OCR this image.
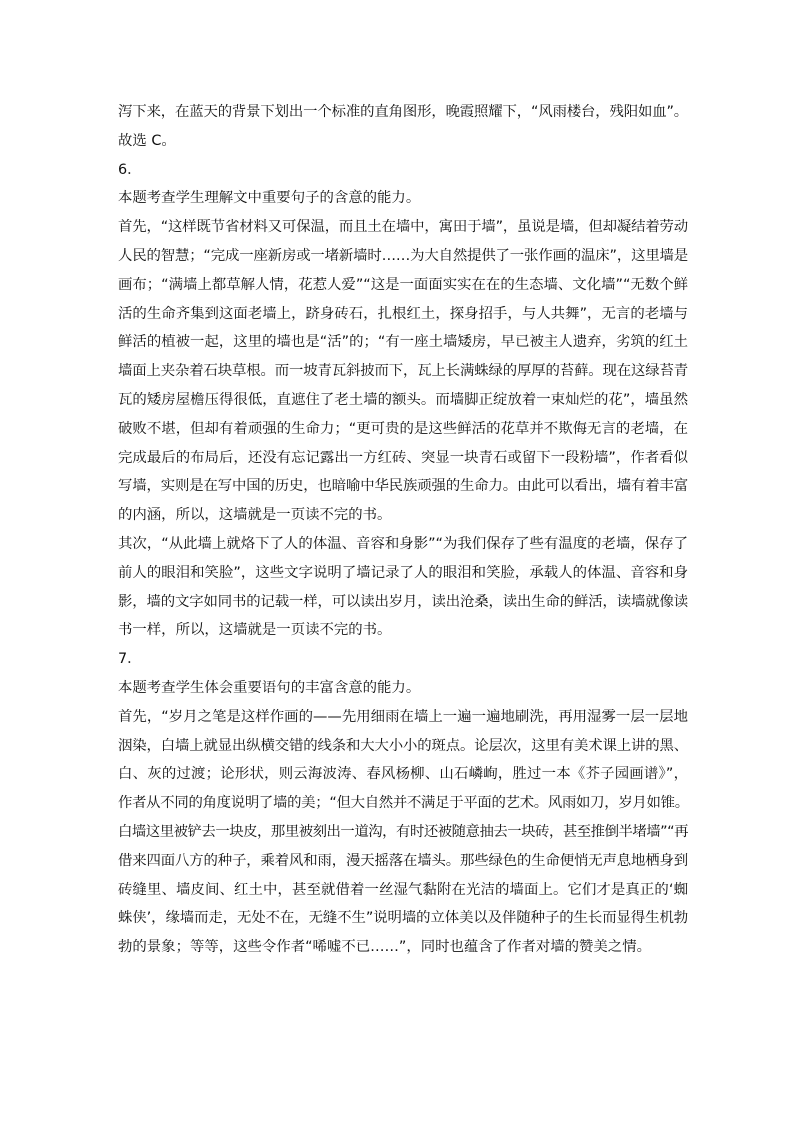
泻下来，在蓝天的背景下划出一个标准的直角图形，晚霞照耀下，“风雨楼台，残阳如血”。
故选 C。
6．
本题考查学生理解文中重要句子的含意的能力。
首先，“这样既节省材料又可保温，而且土在墙中，寓田于墙”，虽说是墙，但却凝结着劳动
人民的智慧；“完成一座新房或一堵新墙时……为大自然提供了一张作画的温床”，这里墙是
画布；“满墙上都草解人情，花惹人爱”“这是一面面实实在在的生态墙、文化墙”“无数个鲜
活的生命齐集到这面老墙上，跻身砖石，扎根红土，探身招手，与人共舞”，无言的老墙与
鲜活的植被一起，这里的墙也是“活”的；“有一座土墙矮房，早已被主人遗弃，劣筑的红土
墙面上夹杂着石块草根。而一坡青瓦斜披而下，瓦上长满蛛绿的厚厚的苔藓。现在这绿苔青
瓦的矮房屋檐压得很低，直遮住了老土墙的额头。而墙脚正绽放着一束灿烂的花”，墙虽然
破败不堪，但却有着顽强的生命力；“更可贵的是这些鲜活的花草并不欺侮无言的老墙，在
完成最后的布局后，还没有忘记露出一方红砖、突显一块青石或留下一段粉墙”，作者看似
写墙，实则是在写中国的历史，也暗喻中华民族顽强的生命力。由此可以看出，墙有着丰富
的内涵，所以，这墙就是一页读不完的书。
其次，“从此墙上就烙下了人的体温、音容和身影”“为我们保存了些有温度的老墙，保存了
前人的眼泪和笑脸”，这些文字说明了墙记录了人的眼泪和笑脸，承载人的体温、音容和身
影，墙的文字如同书的记载一样，可以读出岁月，读出沧桑，读出生命的鲜活，读墙就像读
书一样，所以，这墙就是一页读不完的书。
7．
本题考查学生体会重要语句的丰富含意的能力。
首先，“岁月之笔是这样作画的——先用细雨在墙上一遍一遍地刷洗，再用湿雾一层一层地
洇染，白墙上就显出纵横交错的线条和大大小小的斑点。论层次，这里有美术课上讲的黑、
白、灰的过渡；论形状，则云海波涛、春风杨柳、山石嶙峋，胜过一本《芥子园画谱》”，
作者从不同的角度说明了墙的美；“但大自然并不满足于平面的艺术。风雨如刀，岁月如锥。
白墙这里被铲去一块皮，那里被刻出一道沟，有时还被随意抽去一块砖，甚至推倒半堵墙”“再
借来四面八方的种子，乘着风和雨，漫天摇落在墙头。那些绿色的生命便悄无声息地栖身到
砖缝里、墙皮间、红土中，甚至就借着一丝湿气黏附在光洁的墙面上。它们才是真正的‘蜘
蛛侠’，缘墙而走，无处不在，无缝不生”说明墙的立体美以及伴随种子的生长而显得生机勃
勃的景象；等等，这些令作者“唏嘘不已……”，同时也蕴含了作者对墙的赞美之情。
